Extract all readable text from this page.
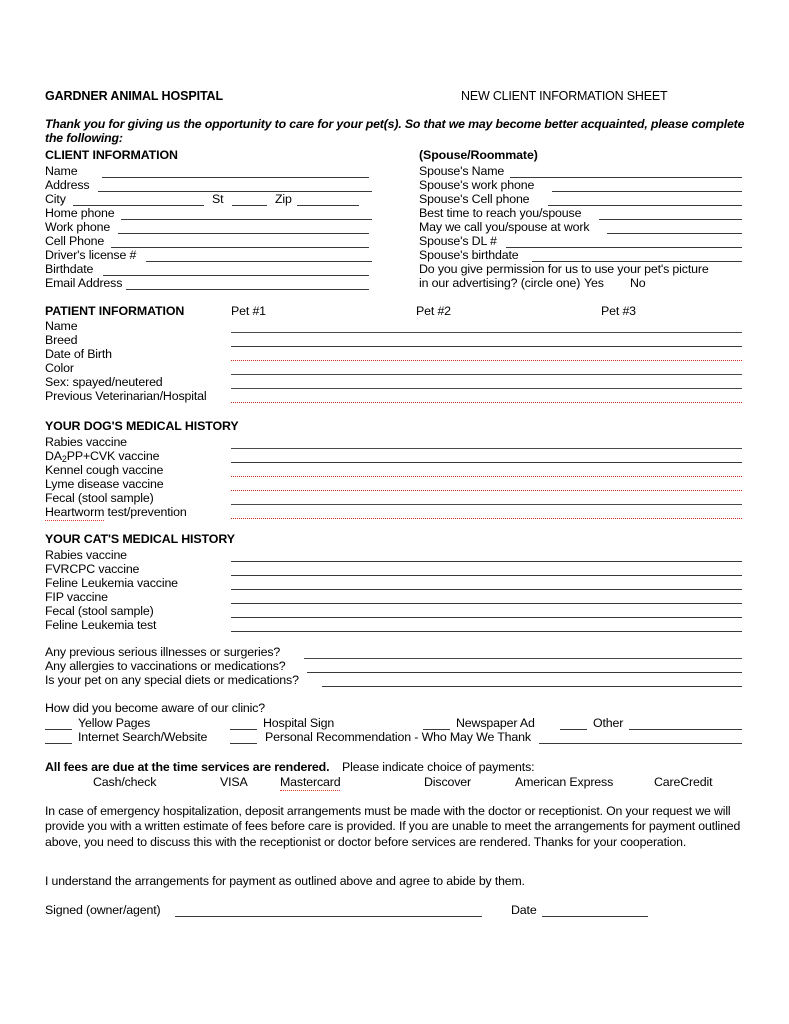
GARDNER ANIMAL HOSPITAL	NEW CLIENT INFORMATION SHEET
Thank you for giving us the opportunity to care for your pet(s). So that we may become better acquainted, please complete the following:
CLIENT INFORMATION	(Spouse/Roommate)
Name
Address
City	St	Zip
Home phone
Work phone
Cell Phone
Driver's license #
Birthdate
Email Address
Spouse's Name
Spouse's work phone
Spouse's Cell phone
Best time to reach you/spouse
May we call you/spouse at work
Spouse's DL #
Spouse's birthdate
Do you give permission for us to use your pet's picture
in our advertising? (circle one) Yes No
PATIENT INFORMATION	Pet #1	Pet #2	Pet #3
Name
Breed
Date of Birth
Color
Sex: spayed/neutered
Previous Veterinarian/Hospital
YOUR DOG'S MEDICAL HISTORY
Rabies vaccine
$DA_2PP+CVK$ vaccine
Kennel cough vaccine
Lyme disease vaccine
Fecal (stool sample)
Heartworm test/prevention
YOUR CAT'S MEDICAL HISTORY
Rabies vaccine
FVRCPC vaccine
Feline Leukemia vaccine
FIP vaccine
Fecal (stool sample)
Feline Leukemia test
Any previous serious illnesses or surgeries?
Any allergies to vaccinations or medications?
Is your pet on any special diets or medications?
How did you become aware of our clinic?
Yellow Pages	Hospital Sign	Newspaper Ad	Other
Internet Search/Website	Personal Recommendation - Who May We Thank
All fees are due at the time services are rendered. Please indicate choice of payments:
Cash/check	VISA	Mastercard	Discover	American Express	CareCredit
In case of emergency hospitalization, deposit arrangements must be made with the doctor or receptionist. On your request we will provide you with a written estimate of fees before care is provided. If you are unable to meet the arrangements for payment outlined above, you need to discuss this with the receptionist or doctor before services are rendered. Thanks for your cooperation.
I understand the arrangements for payment as outlined above and agree to abide by them.
Signed (owner/agent)	Date
